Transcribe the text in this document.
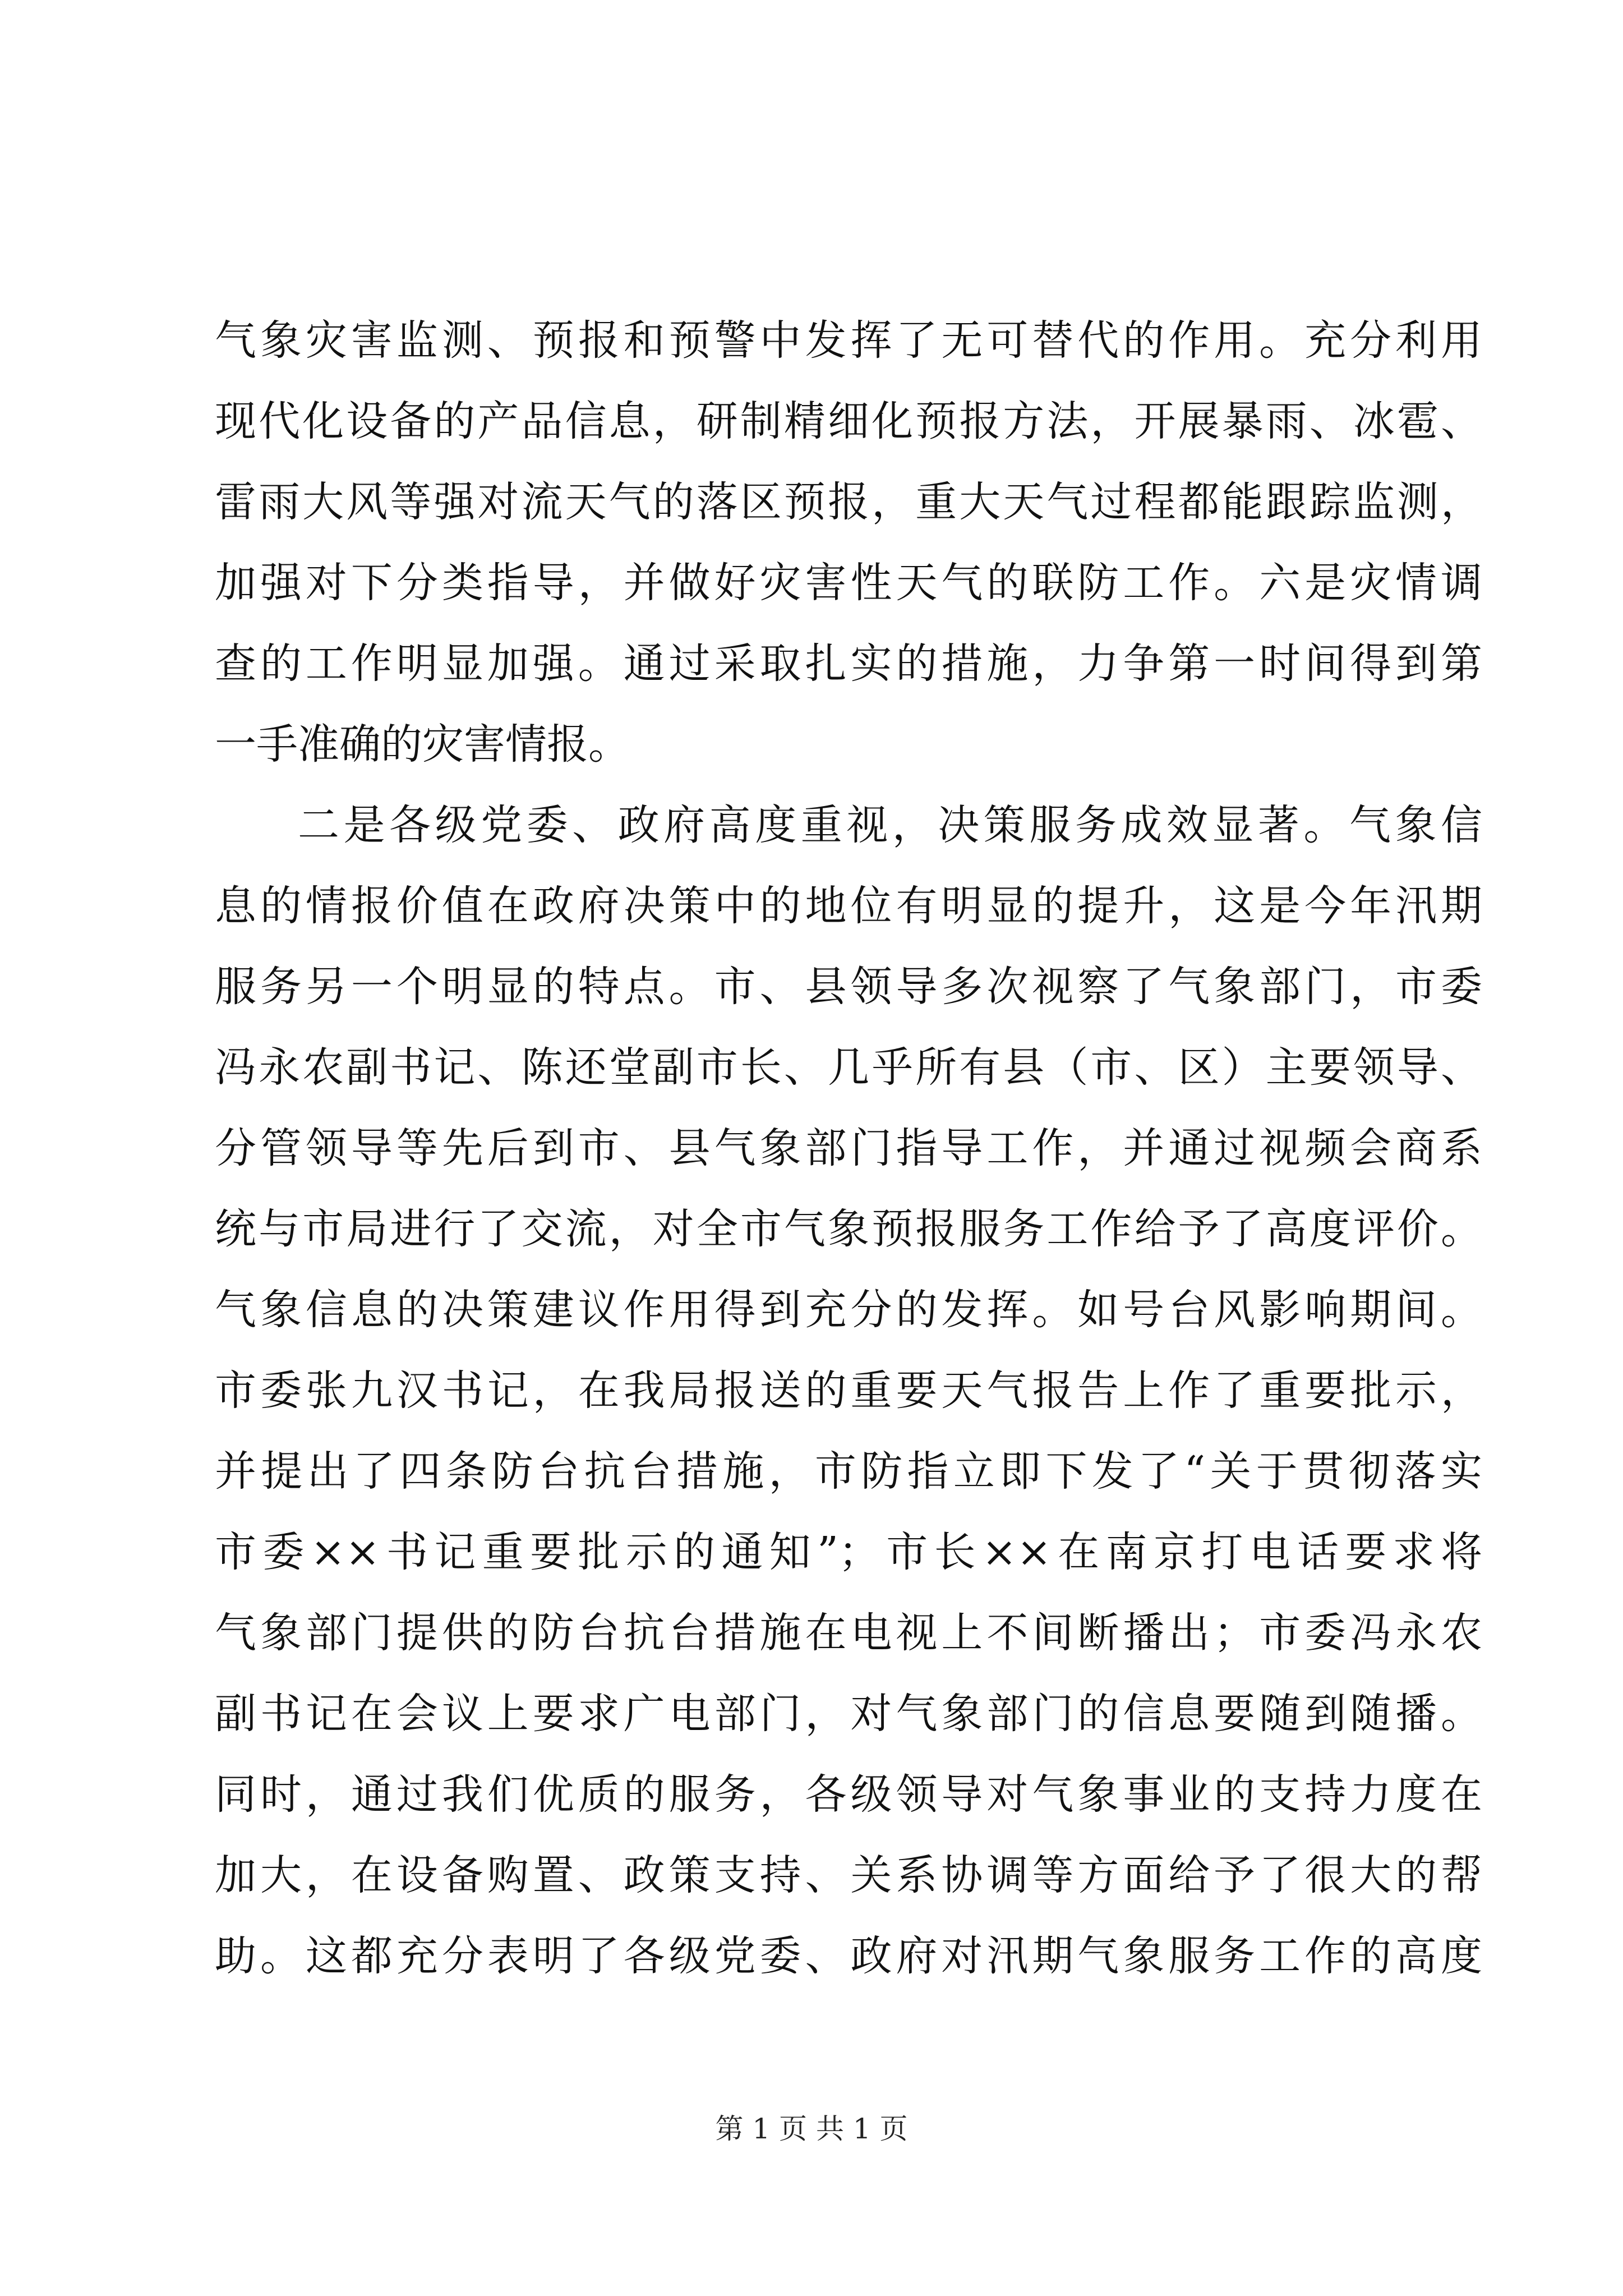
气象灾害监测、预报和预警中发挥了无可替代的作用。充分利用
现代化设备的产品信息，研制精细化预报方法，开展暴雨、冰雹、
雷雨大风等强对流天气的落区预报，重大天气过程都能跟踪监测，
加强对下分类指导，并做好灾害性天气的联防工作。六是灾情调
查的工作明显加强。通过采取扎实的措施，力争第一时间得到第
一手准确的灾害情报。
二是各级党委、政府高度重视，决策服务成效显著。气象信
息的情报价值在政府决策中的地位有明显的提升，这是今年汛期
服务另一个明显的特点。市、县领导多次视察了气象部门，市委
冯永农副书记、陈还堂副市长、几乎所有县（市、区）主要领导、
分管领导等先后到市、县气象部门指导工作，并通过视频会商系
统与市局进行了交流，对全市气象预报服务工作给予了高度评价。
气象信息的决策建议作用得到充分的发挥。如号台风影响期间。
市委张九汉书记，在我局报送的重要天气报告上作了重要批示，
并提出了四条防台抗台措施，市防指立即下发了“关于贯彻落实
市委××书记重要批示的通知”；市长××在南京打电话要求将
气象部门提供的防台抗台措施在电视上不间断播出；市委冯永农
副书记在会议上要求广电部门，对气象部门的信息要随到随播。
同时，通过我们优质的服务，各级领导对气象事业的支持力度在
加大，在设备购置、政策支持、关系协调等方面给予了很大的帮
助。这都充分表明了各级党委、政府对汛期气象服务工作的高度
第 1 页 共 1 页
